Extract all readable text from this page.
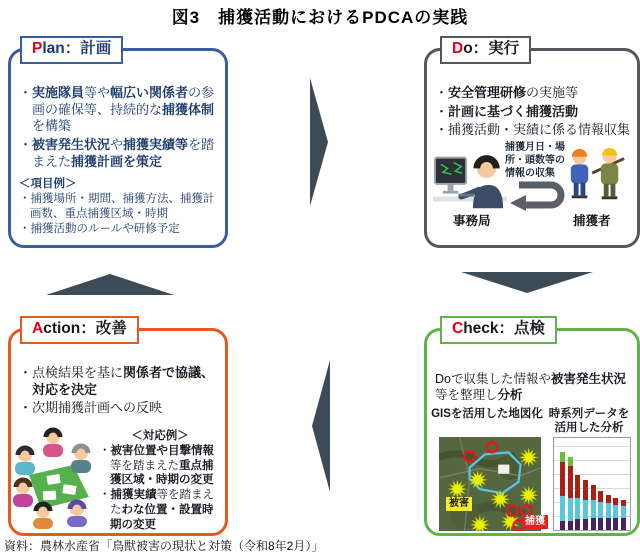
図3　捕獲活動におけるPDCAの実践
・実施隊員等や幅広い関係者の参画の確保等、持続的な捕獲体制を構築
・被害発生状況や捕獲実績等を踏まえた捕獲計画を策定
＜項目例＞
・捕獲場所・期間、捕獲方法、捕獲計画数、重点捕獲区域・時期
・捕獲活動のルールや研修予定
Plan：計画
・安全管理研修の実施等
・計画に基づく捕獲活動
・捕獲活動・実績に係る情報収集
捕獲月日・場所・頭数等の情報の収集
事務局	捕獲者
Do：実行
・点検結果を基に関係者で協議、対応を決定
・次期捕獲計画への反映
＜対応例＞
・被害位置や目撃情報等を踏まえた重点捕獲区域・時期の変更
・捕獲実績等を踏まえたわな位置・設置時期の変更
Action：改善
Doで収集した情報や被害発生状況等を整理し分析
GISを活用した地図化 時系列データを活用した分析
被害
捕獲
Check：点検
資料：農林水産省「鳥獣被害の現状と対策（令和8年2月）」
